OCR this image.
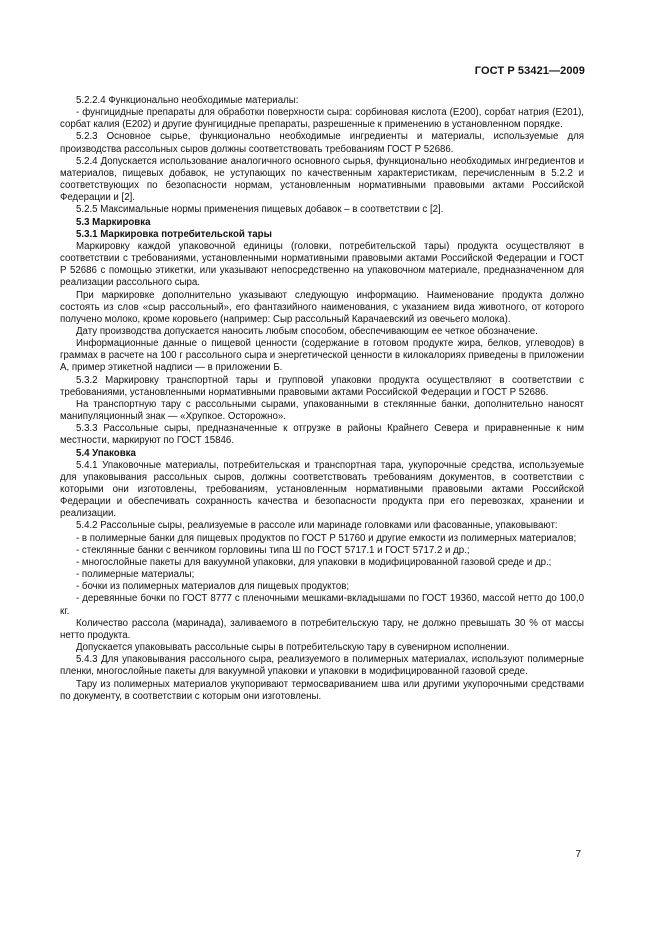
ГОСТ Р 53421—2009

5.2.2.4 Функционально необходимые материалы:

- фунгицидные препараты для обработки поверхности сыра: сорбиновая кислота (Е200), сорбат натрия (Е201), сорбат калия (Е202) и другие фунгицидные препараты, разрешенные к применению в установленном порядке.

5.2.3 Основное сырье, функционально необходимые ингредиенты и материалы, используемые для производства рассольных сыров должны соответствовать требованиям ГОСТ Р 52686.

5.2.4 Допускается использование аналогичного основного сырья, функционально необходимых ингредиентов и материалов, пищевых добавок, не уступающих по качественным характеристикам, перечисленным в 5.2.2 и соответствующих по безопасности нормам, установленным нормативными правовыми актами Российской Федерации и [2].

5.2.5 Максимальные нормы применения пищевых добавок – в соответствии с [2].

5.3 Маркировка

5.3.1 Маркировка потребительской тары

Маркировку каждой упаковочной единицы (головки, потребительской тары) продукта осуществляют в соответствии с требованиями, установленными нормативными правовыми актами Российской Федерации и ГОСТ Р 52686 с помощью этикетки, или указывают непосредственно на упаковочном материале, предназначенном для реализации рассольного сыра.

При маркировке дополнительно указывают следующую информацию. Наименование продукта должно состоять из слов «сыр рассольный», его фантазийного наименования, с указанием вида животного, от которого получено молоко, кроме коровьего (например: Сыр рассольный Карачаевский из овечьего молока).

Дату производства допускается наносить любым способом, обеспечивающим ее четкое обозначение.

Информационные данные о пищевой ценности (содержание в готовом продукте жира, белков, углеводов) в граммах в расчете на 100 г рассольного сыра и энергетической ценности в килокалориях приведены в приложении А, пример этикетной надписи — в приложении Б.

5.3.2 Маркировку транспортной тары и групповой упаковки продукта осуществляют в соответствии с требованиями, установленными нормативными правовыми актами Российской Федерации и ГОСТ Р 52686.

На транспортную тару с рассольными сырами, упакованными в стеклянные банки, дополнительно наносят манипуляционный знак — «Хрупкое. Осторожно».

5.3.3 Рассольные сыры, предназначенные к отгрузке в районы Крайнего Севера и приравненные к ним местности, маркируют по ГОСТ 15846.

5.4 Упаковка

5.4.1 Упаковочные материалы, потребительская и транспортная тара, укупорочные средства, используемые для упаковывания рассольных сыров, должны соответствовать требованиям документов, в соответствии с которыми они изготовлены, требованиям, установленным нормативными правовыми актами Российской Федерации и обеспечивать сохранность качества и безопасности продукта при его перевозках, хранении и реализации.

5.4.2 Рассольные сыры, реализуемые в рассоле или маринаде головками или фасованные, упаковывают:

- в полимерные банки для пищевых продуктов по ГОСТ Р 51760 и другие емкости из полимерных материалов;

- стеклянные банки с венчиком горловины типа Ш по ГОСТ 5717.1 и ГОСТ 5717.2 и др.;

- многослойные пакеты для вакуумной упаковки, для упаковки в модифицированной газовой среде и др.;

- полимерные материалы;

- бочки из полимерных материалов для пищевых продуктов;

- деревянные бочки по ГОСТ 8777 с пленочными мешками-вкладышами по ГОСТ 19360, массой нетто до 100,0 кг.

Количество рассола (маринада), заливаемого в потребительскую тару, не должно превышать 30 % от массы нетто продукта.

Допускается упаковывать рассольные сыры в потребительскую тару в сувенирном исполнении.

5.4.3 Для упаковывания рассольного сыра, реализуемого в полимерных материалах, используют полимерные пленки, многослойные пакеты для вакуумной упаковки и упаковки в модифицированной газовой среде.

Тару из полимерных материалов укупоривают термосвариванием шва или другими укупорочными средствами по документу, в соответствии с которым они изготовлены.

7
